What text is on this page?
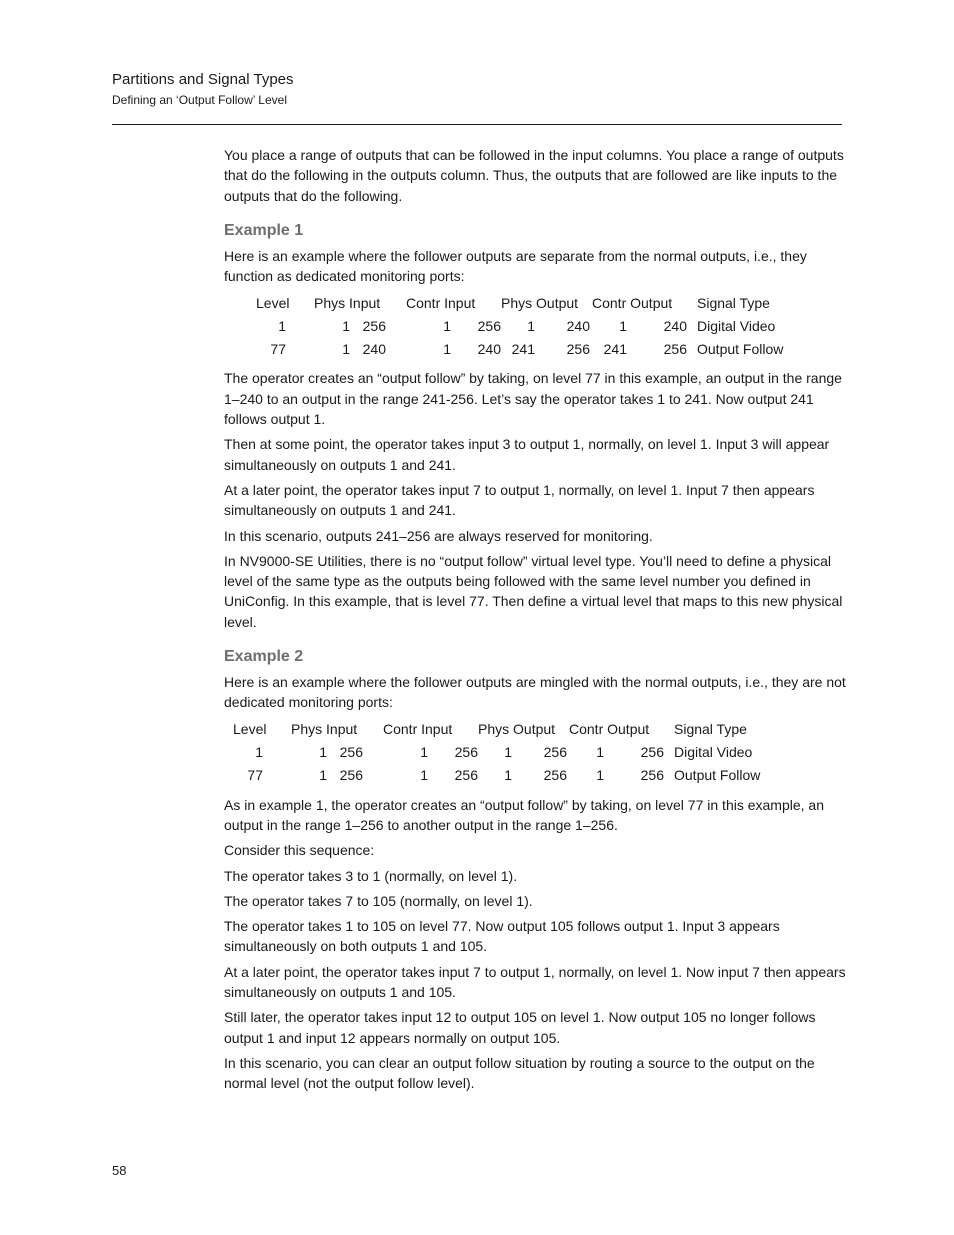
Partitions and Signal Types
Defining an ‘Output Follow’ Level

You place a range of outputs that can be followed in the input columns. You place a range of outputs that do the following in the outputs column. Thus, the outputs that are followed are like inputs to the outputs that do the following.

Example 1

Here is an example where the follower outputs are separate from the normal outputs, i.e., they function as dedicated monitoring ports:

Level	Phys Input		Contr Input		Phys Output		Contr Output		Signal Type
1	1	256	1	256	1	240	1	240	Digital Video
77	1	240	1	240	241	256	241	256	Output Follow

The operator creates an “output follow” by taking, on level 77 in this example, an output in the range 1–240 to an output in the range 241-256. Let’s say the operator takes 1 to 241. Now output 241 follows output 1.

Then at some point, the operator takes input 3 to output 1, normally, on level 1. Input 3 will appear simultaneously on outputs 1 and 241.

At a later point, the operator takes input 7 to output 1, normally, on level 1. Input 7 then appears simultaneously on outputs 1 and 241.

In this scenario, outputs 241–256 are always reserved for monitoring.

In NV9000-SE Utilities, there is no “output follow” virtual level type. You’ll need to define a physical level of the same type as the outputs being followed with the same level number you defined in UniConfig. In this example, that is level 77. Then define a virtual level that maps to this new physical level.

Example 2

Here is an example where the follower outputs are mingled with the normal outputs, i.e., they are not dedicated monitoring ports:

Level	Phys Input		Contr Input		Phys Output		Contr Output		Signal Type
1	1	256	1	256	1	256	1	256	Digital Video
77	1	256	1	256	1	256	1	256	Output Follow

As in example 1, the operator creates an “output follow” by taking, on level 77 in this example, an output in the range 1–256 to another output in the range 1–256.

Consider this sequence:

The operator takes 3 to 1 (normally, on level 1).

The operator takes 7 to 105 (normally, on level 1).

The operator takes 1 to 105 on level 77. Now output 105 follows output 1. Input 3 appears simultaneously on both outputs 1 and 105.

At a later point, the operator takes input 7 to output 1, normally, on level 1. Now input 7 then appears simultaneously on outputs 1 and 105.

Still later, the operator takes input 12 to output 105 on level 1. Now output 105 no longer follows output 1 and input 12 appears normally on output 105.

In this scenario, you can clear an output follow situation by routing a source to the output on the normal level (not the output follow level).

58
